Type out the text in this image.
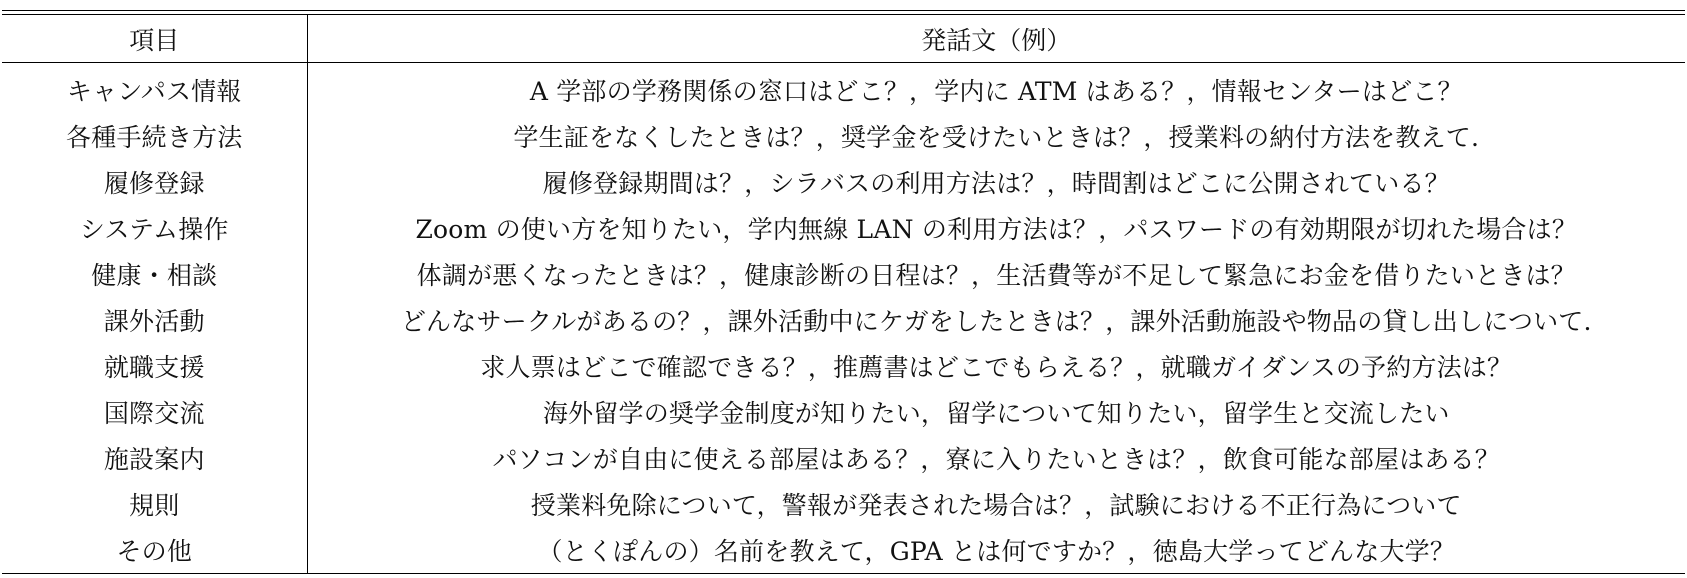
項目	発話文（例）
キャンパス情報	A 学部の学務関係の窓口はどこ？，学内に ATM はある？，情報センターはどこ？
各種手続き方法	学生証をなくしたときは？，奨学金を受けたいときは？，授業料の納付方法を教えて.
履修登録	履修登録期間は？，シラバスの利用方法は？，時間割はどこに公開されている？
システム操作	Zoom の使い方を知りたい，学内無線 LAN の利用方法は？，パスワードの有効期限が切れた場合は？
健康・相談	体調が悪くなったときは？，健康診断の日程は？，生活費等が不足して緊急にお金を借りたいときは？
課外活動	どんなサークルがあるの？，課外活動中にケガをしたときは？，課外活動施設や物品の貸し出しについて.
就職支援	求人票はどこで確認できる？，推薦書はどこでもらえる？，就職ガイダンスの予約方法は？
国際交流	海外留学の奨学金制度が知りたい，留学について知りたい，留学生と交流したい
施設案内	パソコンが自由に使える部屋はある？，寮に入りたいときは？，飲食可能な部屋はある？
規則	授業料免除について，警報が発表された場合は？，試験における不正行為について
その他	（とくぽんの）名前を教えて，GPA とは何ですか？，徳島大学ってどんな大学？
